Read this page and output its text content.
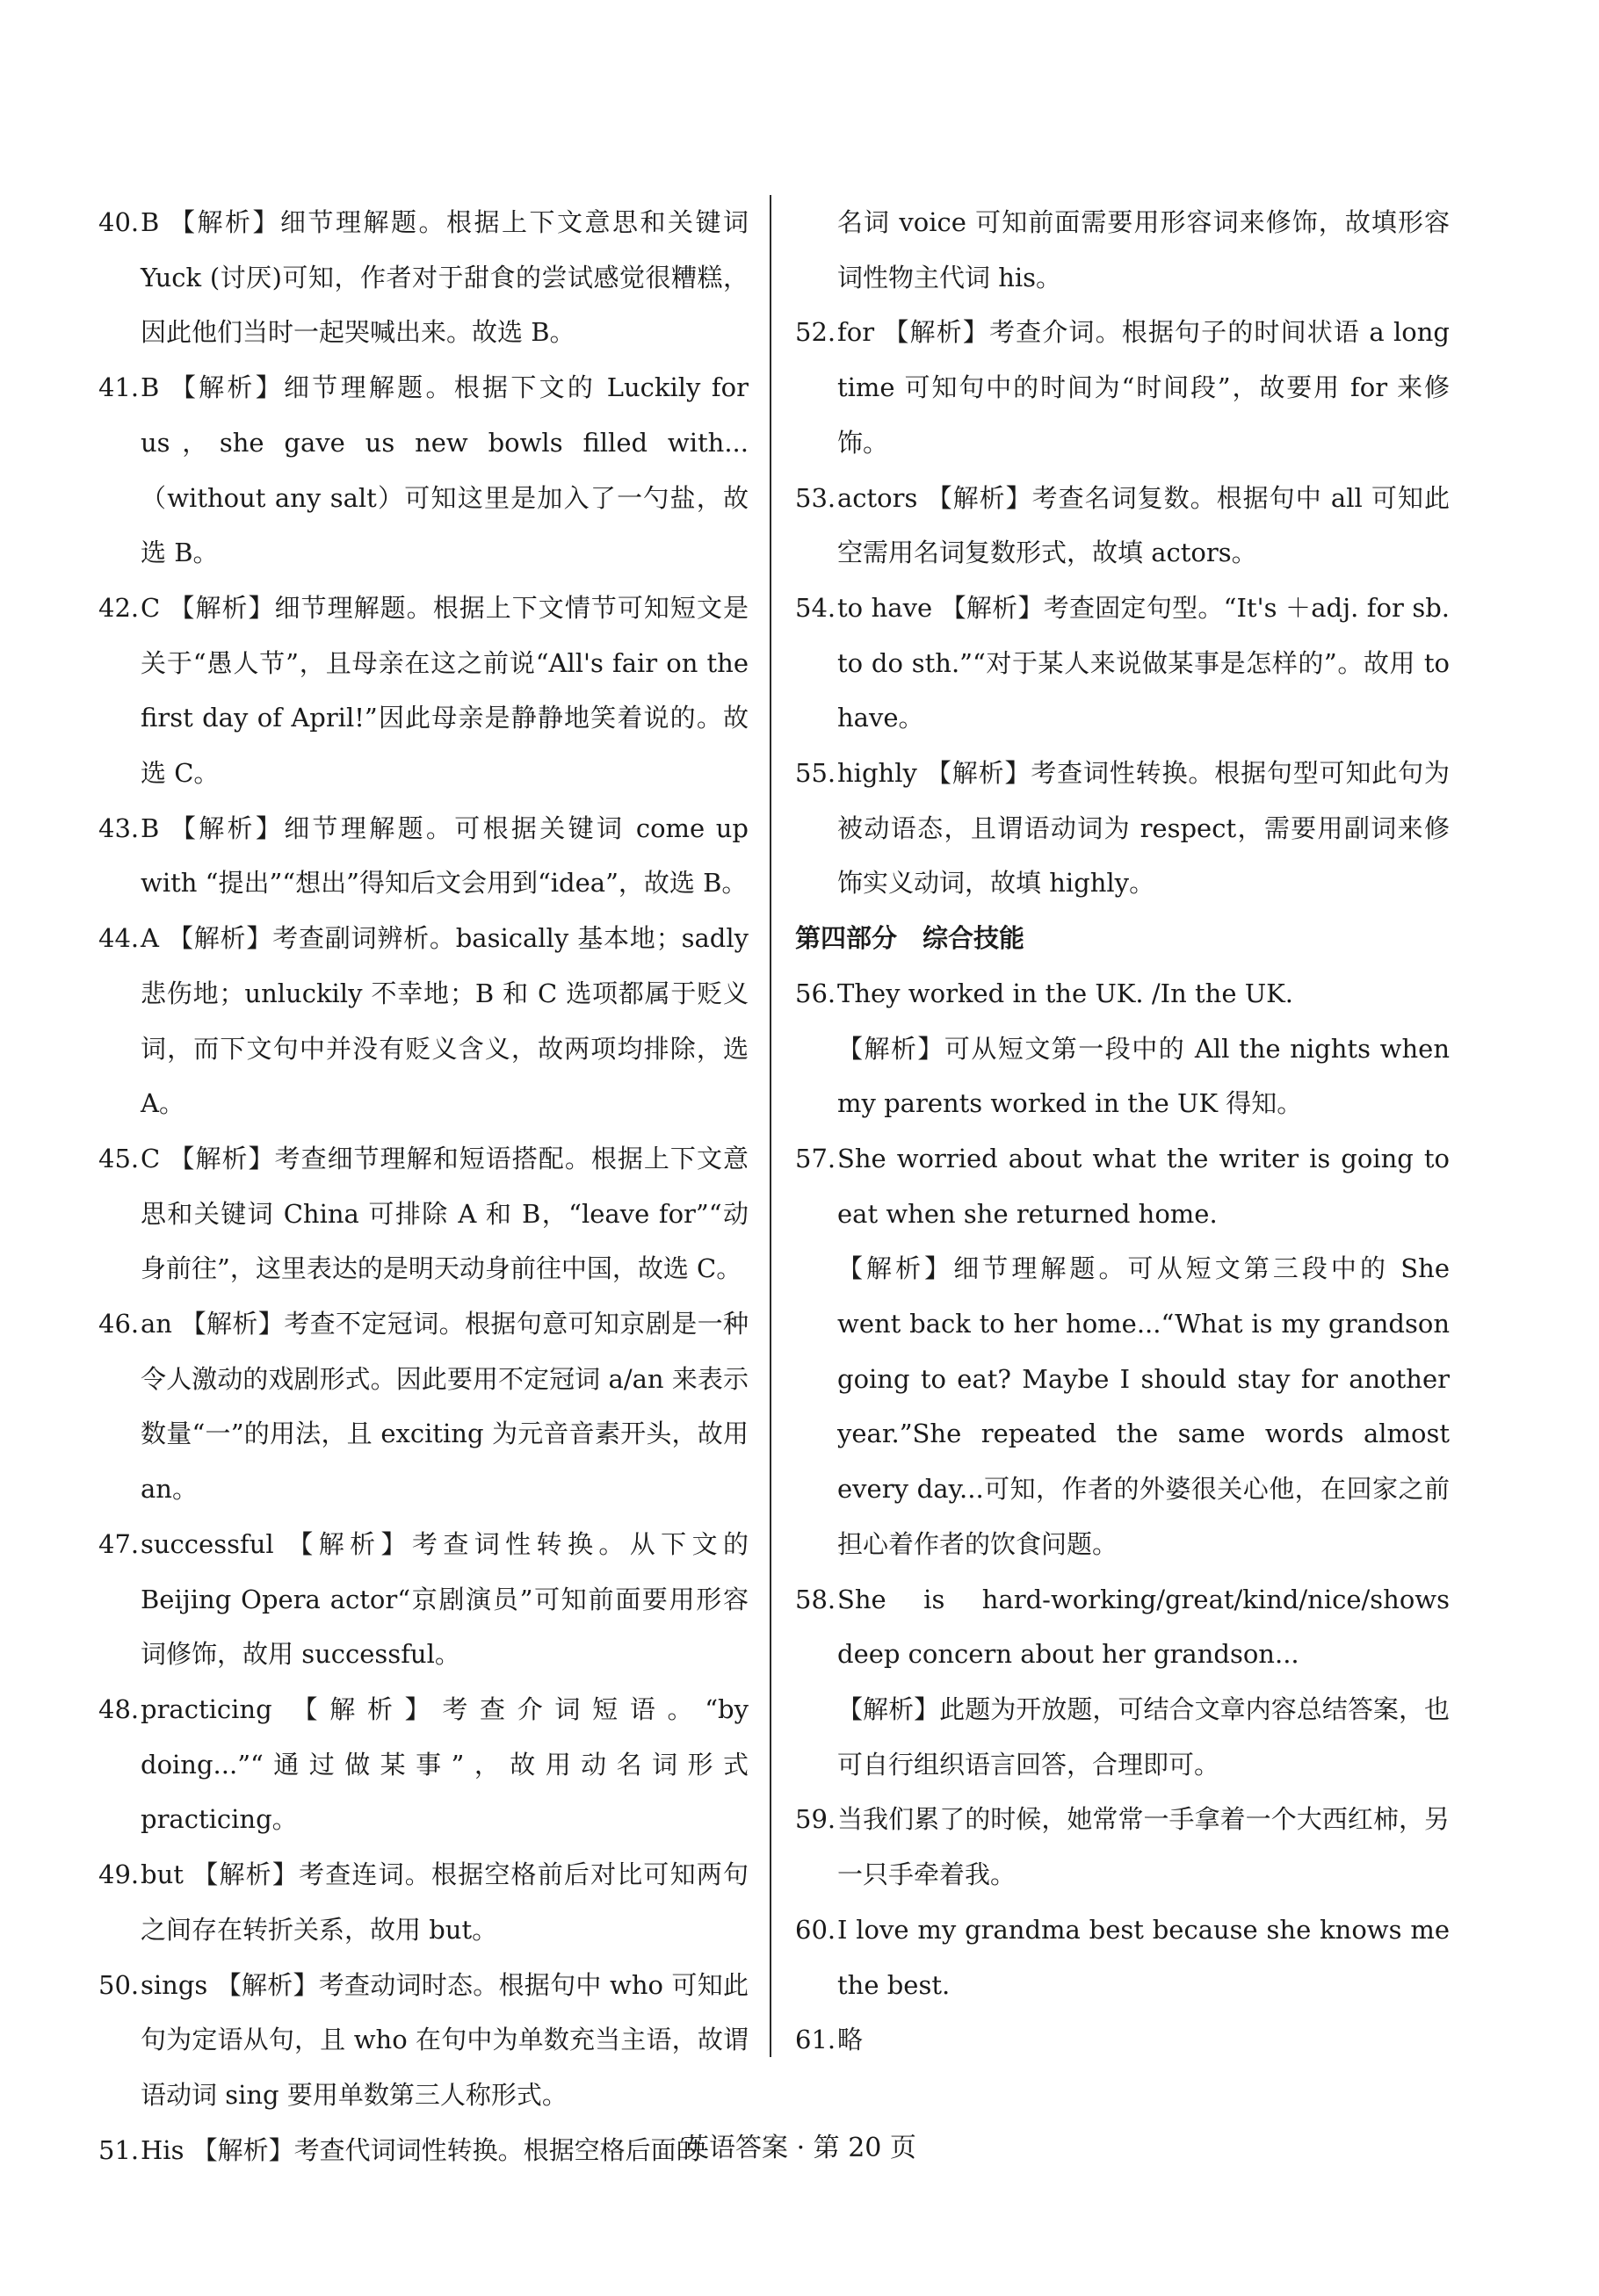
40. B 【解析】细节理解题。根据上下文意思和关键词 Yuck (讨厌)可知，作者对于甜食的尝试感觉很糟糕，因此他们当时一起哭喊出来。故选 B。
41. B 【解析】细节理解题。根据下文的 Luckily for us，she gave us new bowls filled with...（without any salt）可知这里是加入了一勺盐，故选 B。
42. C 【解析】细节理解题。根据上下文情节可知短文是关于“愚人节”，且母亲在这之前说“All's fair on the first day of April!”因此母亲是静静地笑着说的。故选 C。
43. B 【解析】细节理解题。可根据关键词 come up with “提出”“想出”得知后文会用到“idea”，故选 B。
44. A 【解析】考查副词辨析。basically 基本地；sadly 悲伤地；unluckily 不幸地；B 和 C 选项都属于贬义词，而下文句中并没有贬义含义，故两项均排除，选 A。
45. C 【解析】考查细节理解和短语搭配。根据上下文意思和关键词 China 可排除 A 和 B，“leave for”“动身前往”，这里表达的是明天动身前往中国，故选 C。
46. an 【解析】考查不定冠词。根据句意可知京剧是一种令人激动的戏剧形式。因此要用不定冠词 a/an 来表示数量“一”的用法，且 exciting 为元音音素开头，故用 an。
47. successful 【解析】考查词性转换。从下文的 Beijing Opera actor“京剧演员”可知前面要用形容词修饰，故用 successful。
48. practicing 【解析】考查介词短语。“by doing...”“通过做某事”，故用动名词形式 practicing。
49. but 【解析】考查连词。根据空格前后对比可知两句之间存在转折关系，故用 but。
50. sings 【解析】考查动词时态。根据句中 who 可知此句为定语从句，且 who 在句中为单数充当主语，故谓语动词 sing 要用单数第三人称形式。
51. His 【解析】考查代词词性转换。根据空格后面的
名词 voice 可知前面需要用形容词来修饰，故填形容词性物主代词 his。
52. for 【解析】考查介词。根据句子的时间状语 a long time 可知句中的时间为“时间段”，故要用 for 来修饰。
53. actors 【解析】考查名词复数。根据句中 all 可知此空需用名词复数形式，故填 actors。
54. to have 【解析】考查固定句型。“It's ＋adj. for sb. to do sth.”“对于某人来说做某事是怎样的”。故用 to have。
55. highly 【解析】考查词性转换。根据句型可知此句为被动语态，且谓语动词为 respect，需要用副词来修饰实义动词，故填 highly。
第四部分　综合技能
56. They worked in the UK. /In the UK.
【解析】可从短文第一段中的 All the nights when my parents worked in the UK 得知。
57. She worried about what the writer is going to eat when she returned home.
【解析】细节理解题。可从短文第三段中的 She went back to her home...“What is my grandson going to eat? Maybe I should stay for another year.”She repeated the same words almost every day...可知，作者的外婆很关心他，在回家之前担心着作者的饮食问题。
58. She is hard-working/great/kind/nice/shows deep concern about her grandson...
【解析】此题为开放题，可结合文章内容总结答案，也可自行组织语言回答，合理即可。
59. 当我们累了的时候，她常常一手拿着一个大西红柿，另一只手牵着我。
60. I love my grandma best because she knows me the best.
61. 略
英语答案 · 第 20 页
